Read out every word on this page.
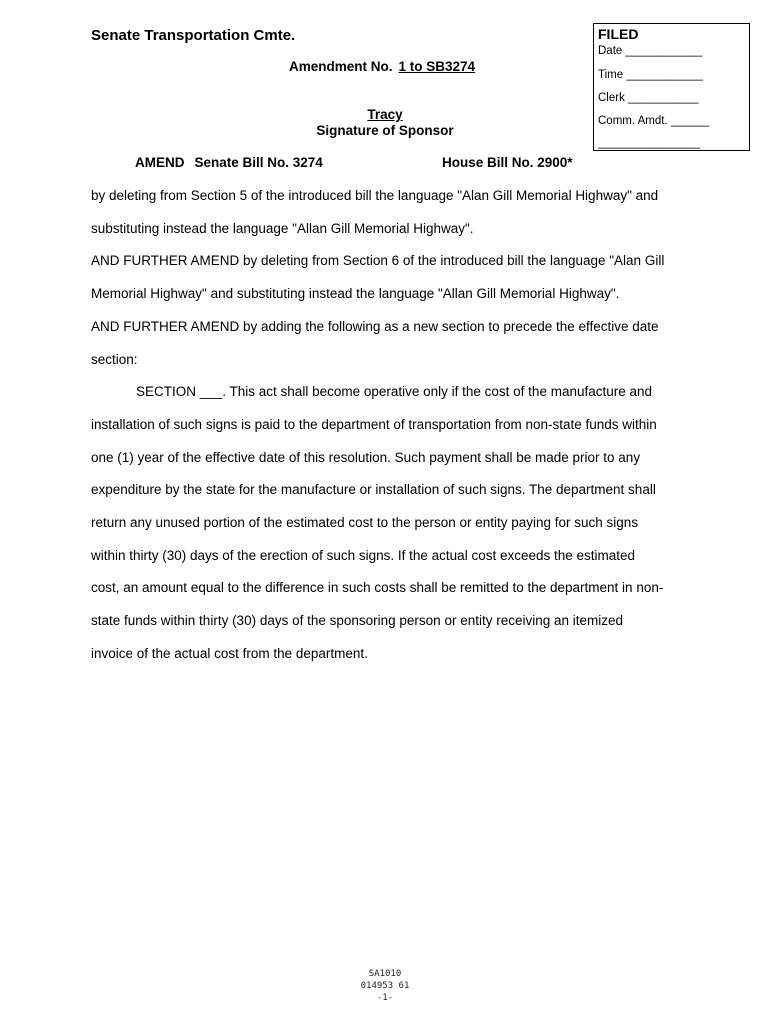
Senate Transportation Cmte.
Amendment No. 1 to SB3274
Tracy
Signature of Sponsor
AMEND Senate Bill No. 3274	House Bill No. 2900*
FILED
Date ____________
Time ____________
Clerk ___________
Comm. Amdt. ______
________________

by deleting from Section 5 of the introduced bill the language "Alan Gill Memorial Highway" and

substituting instead the language "Allan Gill Memorial Highway".

AND FURTHER AMEND by deleting from Section 6 of the introduced bill the language "Alan Gill

Memorial Highway" and substituting instead the language "Allan Gill Memorial Highway".

AND FURTHER AMEND by adding the following as a new section to precede the effective date

section:

SECTION ___. This act shall become operative only if the cost of the manufacture and

installation of such signs is paid to the department of transportation from non-state funds within

one (1) year of the effective date of this resolution. Such payment shall be made prior to any

expenditure by the state for the manufacture or installation of such signs. The department shall

return any unused portion of the estimated cost to the person or entity paying for such signs

within thirty (30) days of the erection of such signs. If the actual cost exceeds the estimated

cost, an amount equal to the difference in such costs shall be remitted to the department in non-

state funds within thirty (30) days of the sponsoring person or entity receiving an itemized

invoice of the actual cost from the department.

SA1010
014953 61
-1-
